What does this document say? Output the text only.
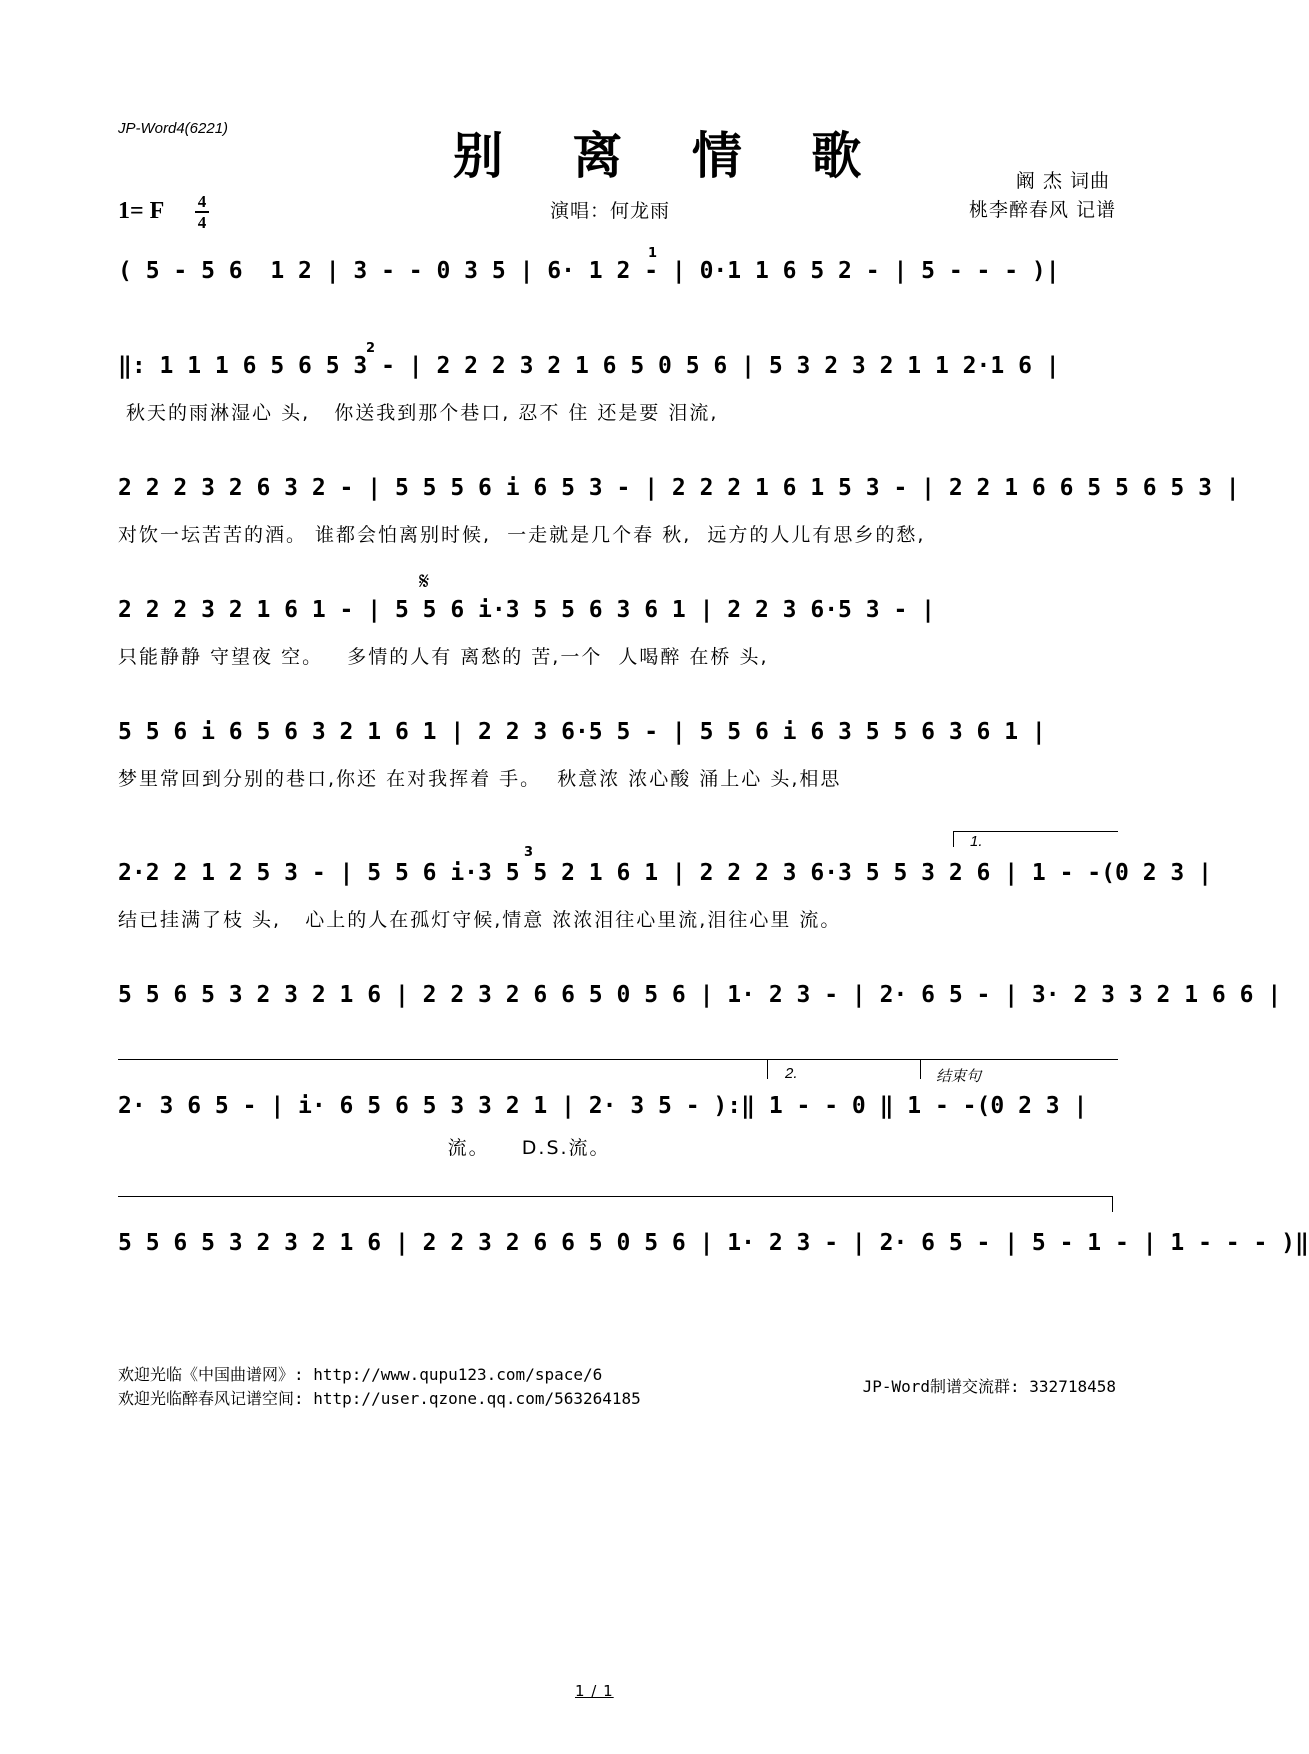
JP-Word4(6221)	别 离 情 歌	阚 杰 词曲
桃李醉春风 记谱
1= F 4
4
演唱：何龙雨
( 5 - 5 6  1 2 | 3 - - 0 3 5 | 6· 1 2 - | 0·1 1 6 5 2 - | 5 - - - )|
‖: 1 1 1 6 5 6 5 3 - | 2 2 2 3 2 1 6 5 0 5 6 | 5 3 2 3 2 1 1 2·1 6 |
秋天的雨淋湿心 头,   你送我到那个巷口, 忍不 住 还是要 泪流,
2 2 2 3 2 6 3 2 - | 5 5 5 6 i 6 5 3 - | 2 2 2 1 6 1 5 3 - | 2 2 1 6 6 5 5 6 5 3 |
对饮一坛苦苦的酒。 谁都会怕离别时候,  一走就是几个春 秋,  远方的人儿有思乡的愁,
𝄋
2 2 2 3 2 1 6 1 - | 5 5 6 i·3 5 5 6 3 6 1 | 2 2 3 6·5 3 - |
只能静静 守望夜 空。   多情的人有 离愁的 苦,一个  人喝醉 在桥 头,
5 5 6 i 6 5 6 3 2 1 6 1 | 2 2 3 6·5 5 - | 5 5 6 i 6 3 5 5 6 3 6 1 |
梦里常回到分别的巷口,你还 在对我挥着 手。  秋意浓 浓心酸 涌上心 头,相思
1.
2·2 2 1 2 5 3 - | 5 5 6 i·3 5 5 2 1 6 1 | 2 2 2 3 6·3 5 5 3 2 6 | 1 - -(0 2 3 |
结已挂满了枝 头,   心上的人在孤灯守候,情意 浓浓泪往心里流,泪往心里 流。
5 5 6 5 3 2 3 2 1 6 | 2 2 3 2 6 6 5 0 5 6 | 1· 2 3 - | 2· 6 5 - | 3· 2 3 3 2 1 6 6 |
2.	结束句
2· 3 6 5 - | i· 6 5 6 5 3 3 2 1 | 2· 3 5 - ):‖ 1 - - 0 ‖ 1 - -(0 2 3 |
流。    D.S.流。
5 5 6 5 3 2 3 2 1 6 | 2 2 3 2 6 6 5 0 5 6 | 1· 2 3 - | 2· 6 5 - | 5 - 1 - | 1 - - - )‖
1
2
3
欢迎光临《中国曲谱网》: http://www.qupu123.com/space/6
欢迎光临醉春风记谱空间: http://user.qzone.qq.com/563264185
JP-Word制谱交流群: 332718458
1 / 1
